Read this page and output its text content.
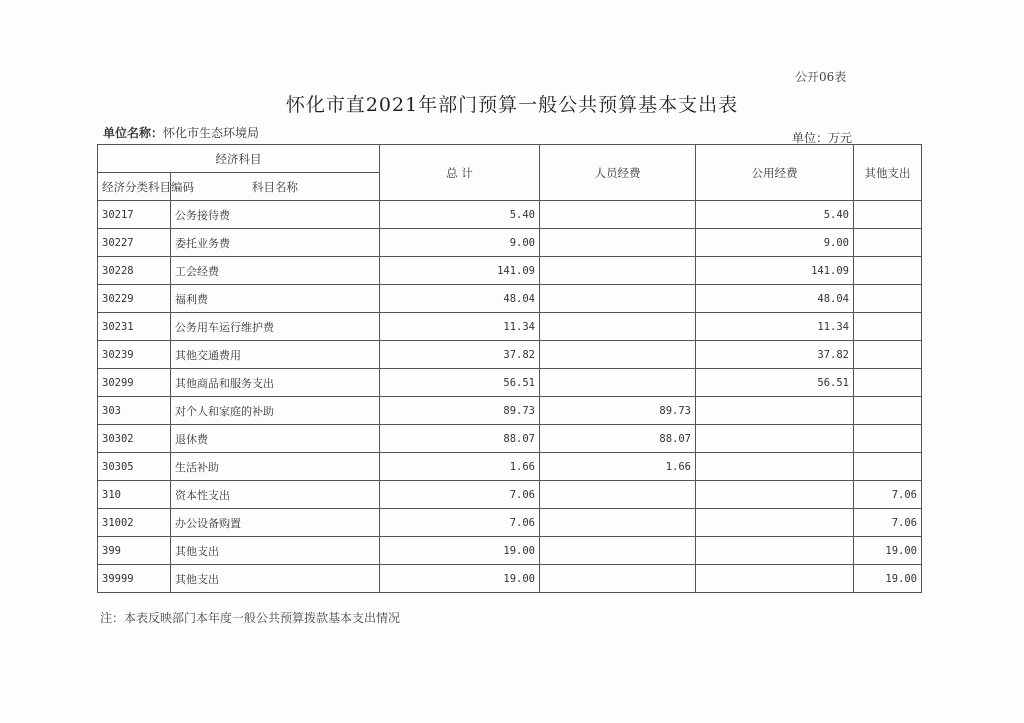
公开06表
怀化市直2021年部门预算一般公共预算基本支出表
单位名称：怀化市生态环境局	单位：万元
经济科目		总 计	人员经费	公用经费	其他支出
经济分类科目编码	科目名称				
30217	公务接待费	5.40		5.40	
30227	委托业务费	9.00		9.00	
30228	工会经费	141.09		141.09	
30229	福利费	48.04		48.04	
30231	公务用车运行维护费	11.34		11.34	
30239	其他交通费用	37.82		37.82	
30299	其他商品和服务支出	56.51		56.51	
303	对个人和家庭的补助	89.73	89.73		
30302	退休费	88.07	88.07		
30305	生活补助	1.66	1.66		
310	资本性支出	7.06			7.06
31002	办公设备购置	7.06			7.06
399	其他支出	19.00			19.00
39999	其他支出	19.00			19.00
注：本表反映部门本年度一般公共预算拨款基本支出情况
